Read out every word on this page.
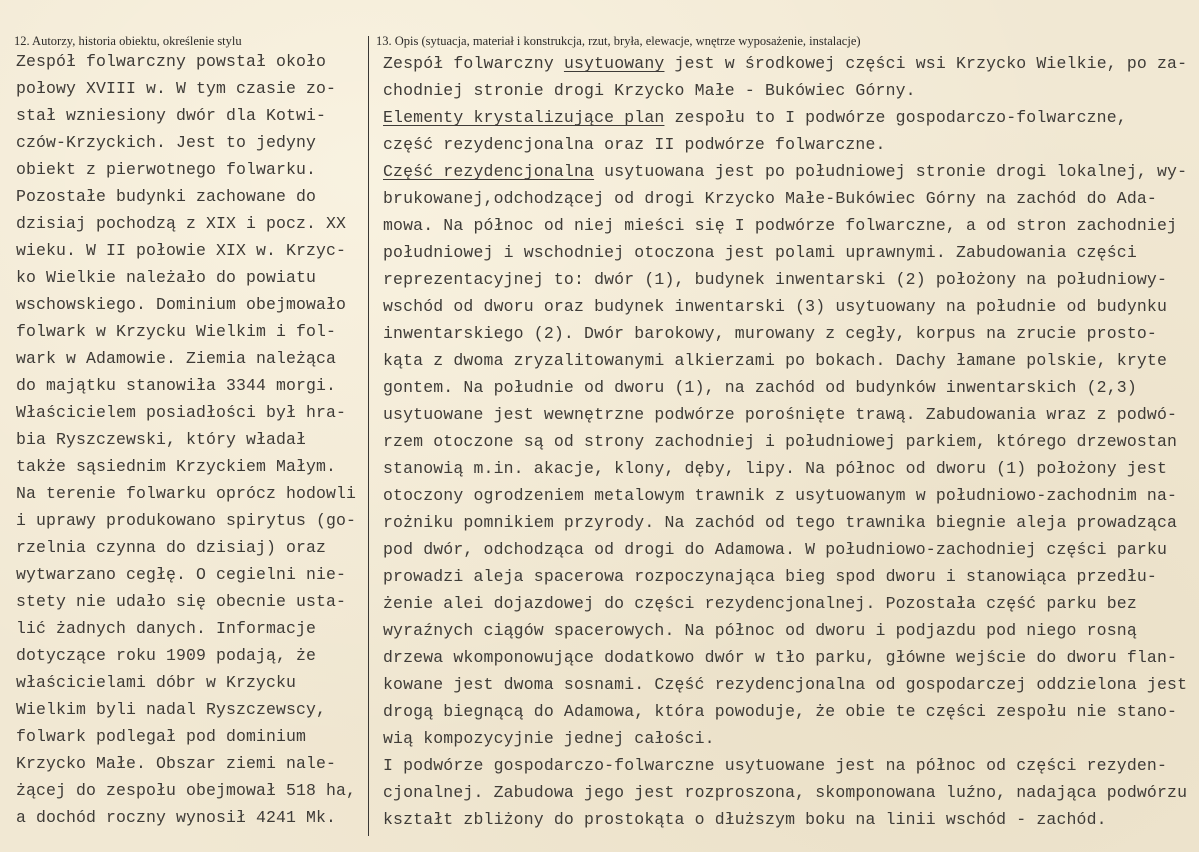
12. Autorzy, historia obiektu, określenie stylu	13. Opis (sytuacja, materiał i konstrukcja, rzut, bryła, elewacje, wnętrze wyposażenie, instalacje)
Zespół folwarczny powstał około
połowy XVIII w. W tym czasie zo-
stał wzniesiony dwór dla Kotwi-
czów-Krzyckich. Jest to jedyny
obiekt z pierwotnego folwarku.
Pozostałe budynki zachowane do
dzisiaj pochodzą z XIX i pocz. XX
wieku. W II połowie XIX w. Krzyc-
ko Wielkie należało do powiatu
wschowskiego. Dominium obejmowało
folwark w Krzycku Wielkim i fol-
wark w Adamowie. Ziemia należąca
do majątku stanowiła 3344 morgi.
Właścicielem posiadłości był hra-
bia Ryszczewski, który władał
także sąsiednim Krzyckiem Małym.
Na terenie folwarku oprócz hodowli
i uprawy produkowano spirytus (go-
rzelnia czynna do dzisiaj) oraz
wytwarzano cegłę. O cegielni nie-
stety nie udało się obecnie usta-
lić żadnych danych. Informacje
dotyczące roku 1909 podają, że
właścicielami dóbr w Krzycku
Wielkim byli nadal Ryszczewscy,
folwark podlegał pod dominium
Krzycko Małe. Obszar ziemi nale-
żącej do zespołu obejmował 518 ha,
a dochód roczny wynosił 4241 Mk.
Zespół folwarczny usytuowany jest w środkowej części wsi Krzycko Wielkie, po za-
chodniej stronie drogi Krzycko Małe - Bukówiec Górny.
Elementy krystalizujące plan zespołu to I podwórze gospodarczo-folwarczne,
część rezydencjonalna oraz II podwórze folwarczne.
Część rezydencjonalna usytuowana jest po południowej stronie drogi lokalnej, wy-
brukowanej,odchodzącej od drogi Krzycko Małe-Bukówiec Górny na zachód do Ada-
mowa. Na północ od niej mieści się I podwórze folwarczne, a od stron zachodniej
południowej i wschodniej otoczona jest polami uprawnymi. Zabudowania części
reprezentacyjnej to: dwór (1), budynek inwentarski (2) położony na południowy-
wschód od dworu oraz budynek inwentarski (3) usytuowany na południe od budynku
inwentarskiego (2). Dwór barokowy, murowany z cegły, korpus na zrucie prosto-
kąta z dwoma zryzalitowanymi alkierzami po bokach. Dachy łamane polskie, kryte
gontem. Na południe od dworu (1), na zachód od budynków inwentarskich (2,3)
usytuowane jest wewnętrzne podwórze porośnięte trawą. Zabudowania wraz z podwó-
rzem otoczone są od strony zachodniej i południowej parkiem, którego drzewostan
stanowią m.in. akacje, klony, dęby, lipy. Na północ od dworu (1) położony jest
otoczony ogrodzeniem metalowym trawnik z usytuowanym w południowo-zachodnim na-
rożniku pomnikiem przyrody. Na zachód od tego trawnika biegnie aleja prowadząca
pod dwór, odchodząca od drogi do Adamowa. W południowo-zachodniej części parku
prowadzi aleja spacerowa rozpoczynająca bieg spod dworu i stanowiąca przedłu-
żenie alei dojazdowej do części rezydencjonalnej. Pozostała część parku bez
wyraźnych ciągów spacerowych. Na północ od dworu i podjazdu pod niego rosną
drzewa wkomponowujące dodatkowo dwór w tło parku, główne wejście do dworu flan-
kowane jest dwoma sosnami. Część rezydencjonalna od gospodarczej oddzielona jest
drogą biegnącą do Adamowa, która powoduje, że obie te części zespołu nie stano-
wią kompozycyjnie jednej całości.
I podwórze gospodarczo-folwarczne usytuowane jest na północ od części rezyden-
cjonalnej. Zabudowa jego jest rozproszona, skomponowana luźno, nadająca podwórzu
kształt zbliżony do prostokąta o dłuższym boku na linii wschód - zachód.
